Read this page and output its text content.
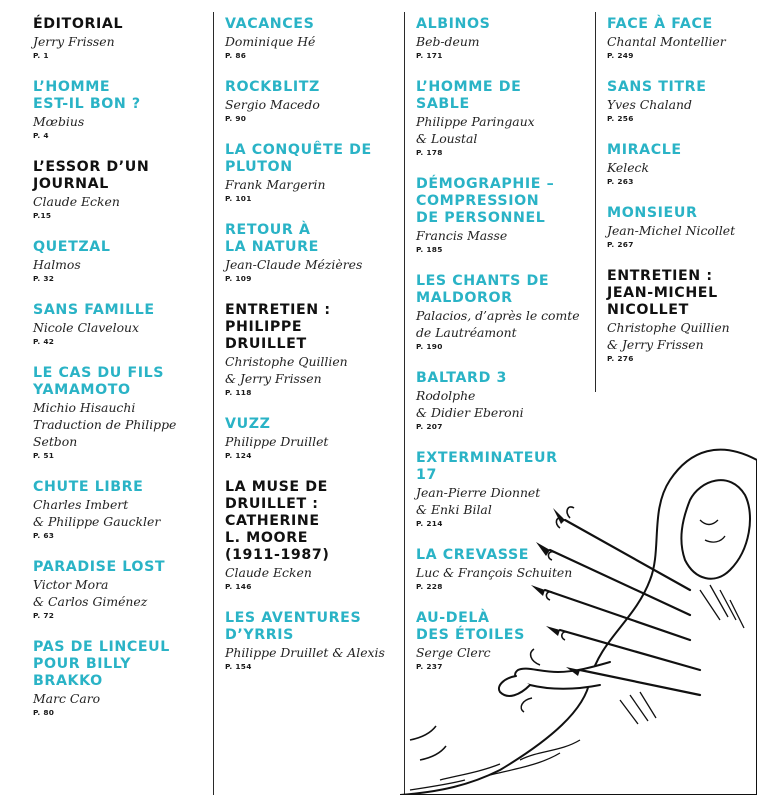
ÉDITORIAL
Jerry Frissen
P. 1
L’HOMME
EST-IL BON ?
Mœbius
P. 4
L’ESSOR D’UN
JOURNAL
Claude Ecken
P.15
QUETZAL
Halmos
P. 32
SANS FAMILLE
Nicole Claveloux
P. 42
LE CAS DU FILS
YAMAMOTO
Michio Hisauchi
Traduction de Philippe
Setbon
P. 51
CHUTE LIBRE
Charles Imbert
& Philippe Gauckler
P. 63
PARADISE LOST
Victor Mora
& Carlos Giménez
P. 72
PAS DE LINCEUL
POUR BILLY
BRAKKO
Marc Caro
P. 80
VACANCES
Dominique Hé
P. 86
ROCKBLITZ
Sergio Macedo
P. 90
LA CONQUÊTE DE
PLUTON
Frank Margerin
P. 101
RETOUR À
LA NATURE
Jean-Claude Mézières
P. 109
ENTRETIEN :
PHILIPPE
DRUILLET
Christophe Quillien
& Jerry Frissen
P. 118
VUZZ
Philippe Druillet
P. 124
LA MUSE DE
DRUILLET :
CATHERINE
L. MOORE
(1911-1987)
Claude Ecken
P. 146
LES AVENTURES
D’YRRIS
Philippe Druillet & Alexis
P. 154
ALBINOS
Beb-deum
P. 171
L’HOMME DE
SABLE
Philippe Paringaux
& Loustal
P. 178
DÉMOGRAPHIE –
COMPRESSION
DE PERSONNEL
Francis Masse
P. 185
LES CHANTS DE
MALDOROR
Palacios, d’après le comte
de Lautréamont
P. 190
BALTARD 3
Rodolphe
& Didier Eberoni
P. 207
EXTERMINATEUR
17
Jean-Pierre Dionnet
& Enki Bilal
P. 214
LA CREVASSE
Luc & François Schuiten
P. 228
AU-DELÀ
DES ÉTOILES
Serge Clerc
P. 237
FACE À FACE
Chantal Montellier
P. 249
SANS TITRE
Yves Chaland
P. 256
MIRACLE
Keleck
P. 263
MONSIEUR
Jean-Michel Nicollet
P. 267
ENTRETIEN :
JEAN-MICHEL
NICOLLET
Christophe Quillien
& Jerry Frissen
P. 276
